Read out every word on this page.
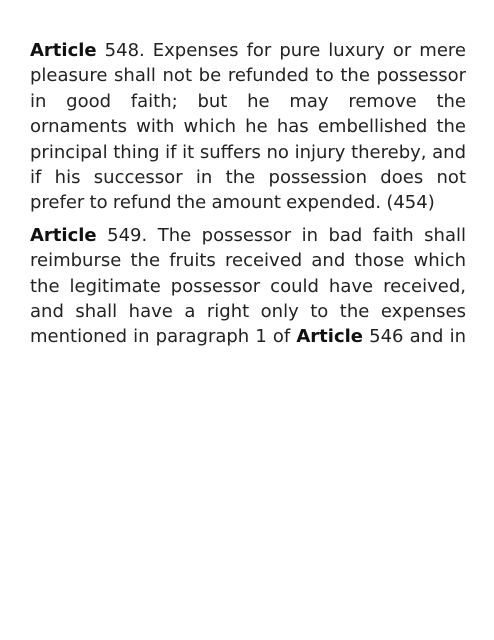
Article 548. Expenses for pure luxury or mere
pleasure shall not be refunded to the possessor
in good faith; but he may remove the
ornaments with which he has embellished the
principal thing if it suffers no injury thereby, and
if his successor in the possession does not
prefer to refund the amount expended. (454)
Article 549. The possessor in bad faith shall
reimburse the fruits received and those which
the legitimate possessor could have received,
and shall have a right only to the expenses
mentioned in paragraph 1 of Article 546 and in
